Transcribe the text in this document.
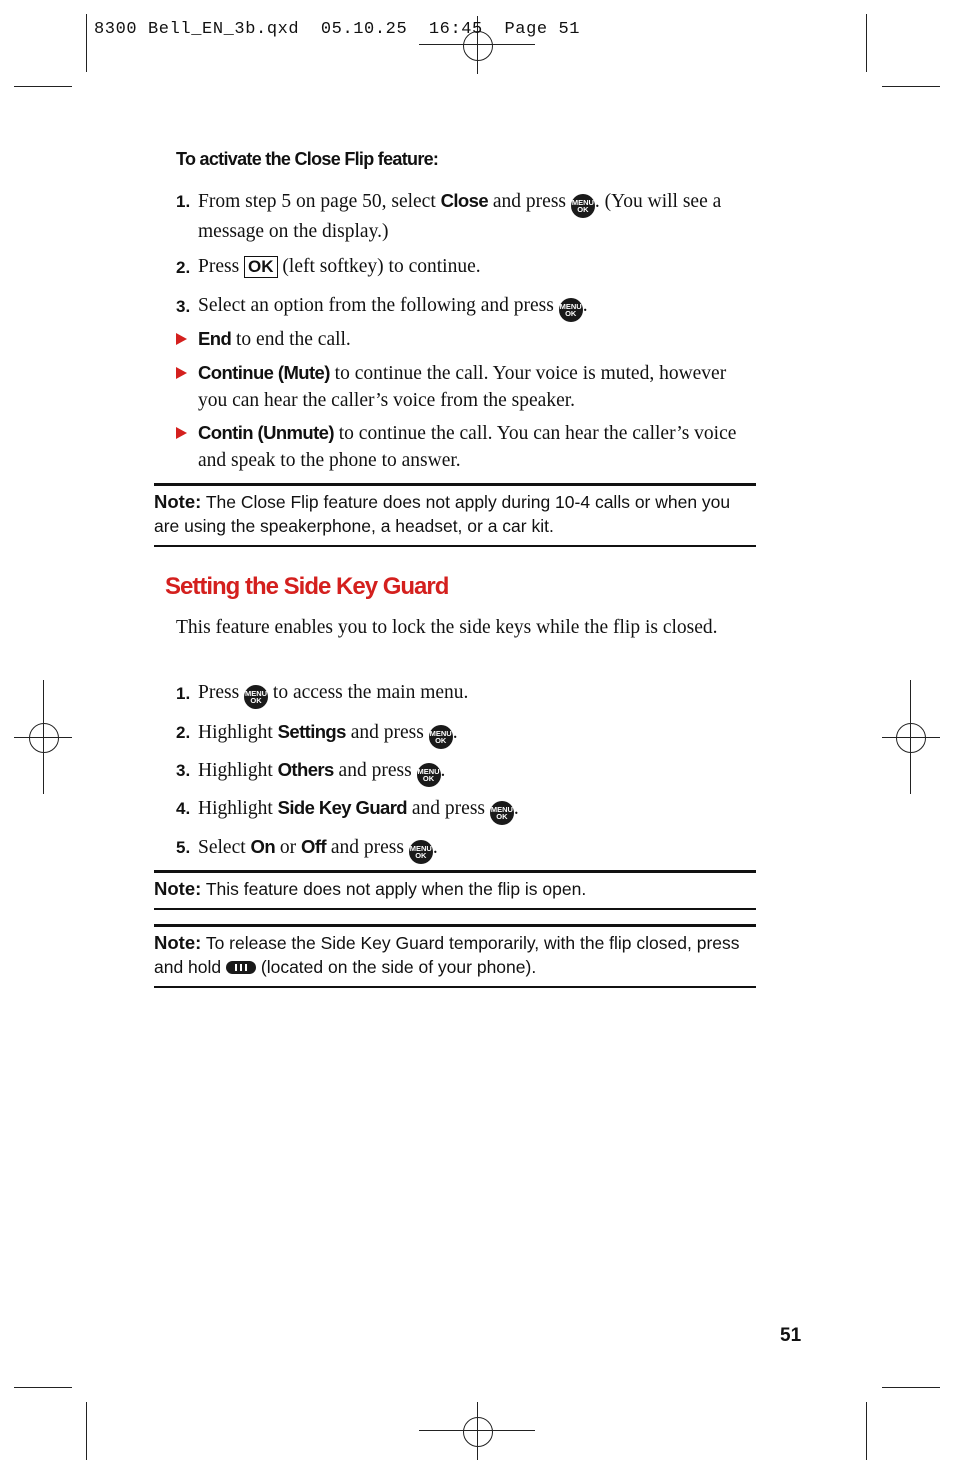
8300 Bell_EN_3b.qxd  05.10.25  16:45  Page 51
To activate the Close Flip feature:
1. From step 5 on page 50, select Close and press MENU
OK . (You will see a message on the display.)
2. Press OK (left softkey) to continue.
3. Select an option from the following and press MENU
OK .
End to end the call.
Continue (Mute) to continue the call. Your voice is muted, however you can hear the caller’s voice from the speaker.
Contin (Unmute) to continue the call. You can hear the caller’s voice and speak to the phone to answer.
Note: The Close Flip feature does not apply during 10-4 calls or when you are using the speakerphone, a headset, or a car kit.
Setting the Side Key Guard
This feature enables you to lock the side keys while the flip is closed.
1. Press MENU
OK to access the main menu.
2. Highlight Settings and press MENU
OK .
3. Highlight Others and press MENU
OK .
4. Highlight Side Key Guard and press MENU
OK .
5. Select On or Off and press MENU
OK .
Note: This feature does not apply when the flip is open.
Note: To release the Side Key Guard temporarily, with the flip closed, press and hold
(located on the side of your phone).
51
